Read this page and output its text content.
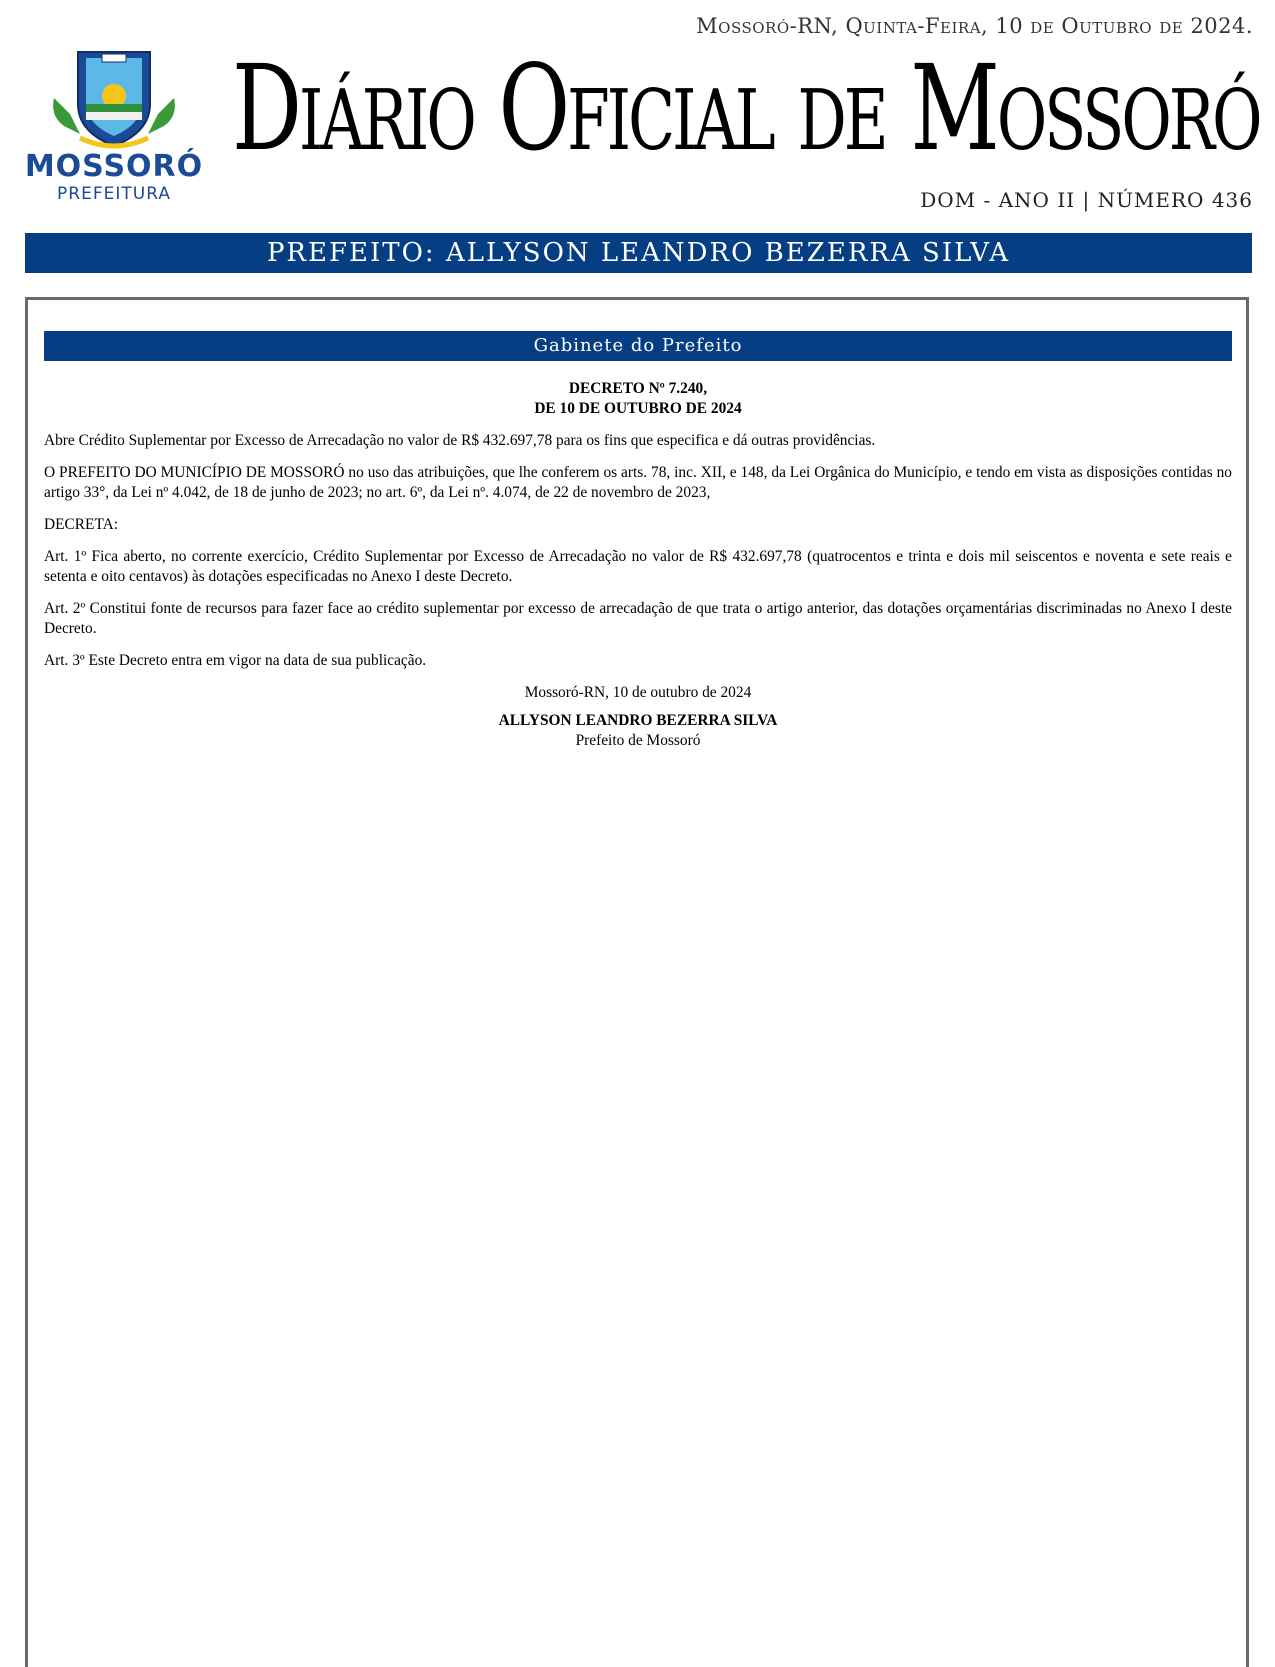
Mossoró-RN, Quinta-Feira, 10 de Outubro de 2024.
MOSSORÓ
PREFEITURA
Diário Oficial de Mossoró
DOM - ANO II | NÚMERO 436
PREFEITO: ALLYSON LEANDRO BEZERRA SILVA
Gabinete do Prefeito
DECRETO Nº 7.240,
DE 10 DE OUTUBRO DE 2024

Abre Crédito Suplementar por Excesso de Arrecadação no valor de R$ 432.697,78 para os fins que especifica e dá outras providências.

O PREFEITO DO MUNICÍPIO DE MOSSORÓ no uso das atribuições, que lhe conferem os arts. 78, inc. XII, e 148, da Lei Orgânica do Município, e tendo em vista as disposições contidas no artigo 33°, da Lei nº 4.042, de 18 de junho de 2023; no art. 6º, da Lei nº. 4.074, de 22 de novembro de 2023,

DECRETA:

Art. 1º Fica aberto, no corrente exercício, Crédito Suplementar por Excesso de Arrecadação no valor de R$ 432.697,78 (quatrocentos e trinta e dois mil seiscentos e noventa e sete reais e setenta e oito centavos) às dotações especificadas no Anexo I deste Decreto.

Art. 2º Constitui fonte de recursos para fazer face ao crédito suplementar por excesso de arrecadação de que trata o artigo anterior, das dotações orçamentárias discriminadas no Anexo I deste Decreto.

Art. 3º Este Decreto entra em vigor na data de sua publicação.

Mossoró-RN, 10 de outubro de 2024
ALLYSON LEANDRO BEZERRA SILVA
Prefeito de Mossoró
